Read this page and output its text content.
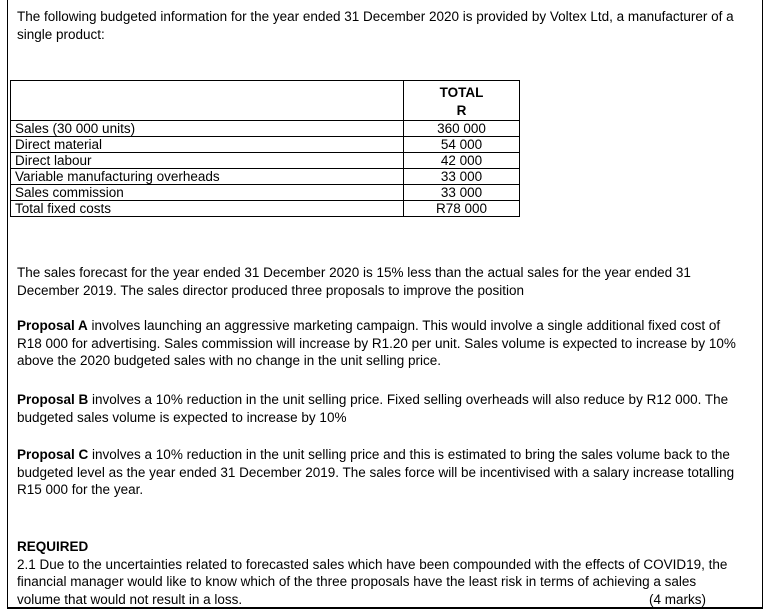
The following budgeted information for the year ended 31 December 2020 is provided by Voltex Ltd, a manufacturer of a single product:

	TOTAL
R

Sales (30 000 units)	360 000
Direct material	54 000
Direct labour	42 000
Variable manufacturing overheads	33 000
Sales commission	33 000
Total fixed costs	R78 000
The sales forecast for the year ended 31 December 2020 is 15% less than the actual sales for the year ended 31 December 2019. The sales director produced three proposals to improve the position
Proposal A involves launching an aggressive marketing campaign. This would involve a single additional fixed cost of R18 000 for advertising. Sales commission will increase by R1.20 per unit. Sales volume is expected to increase by 10% above the 2020 budgeted sales with no change in the unit selling price.
Proposal B involves a 10% reduction in the unit selling price. Fixed selling overheads will also reduce by R12 000. The budgeted sales volume is expected to increase by 10%
Proposal C involves a 10% reduction in the unit selling price and this is estimated to bring the sales volume back to the budgeted level as the year ended 31 December 2019. The sales force will be incentivised with a salary increase totalling R15 000 for the year.
REQUIRED
2.1 Due to the uncertainties related to forecasted sales which have been compounded with the effects of COVID19, the financial manager would like to know which of the three proposals have the least risk in terms of achieving a sales volume that would not result in a loss.	(4 marks)
